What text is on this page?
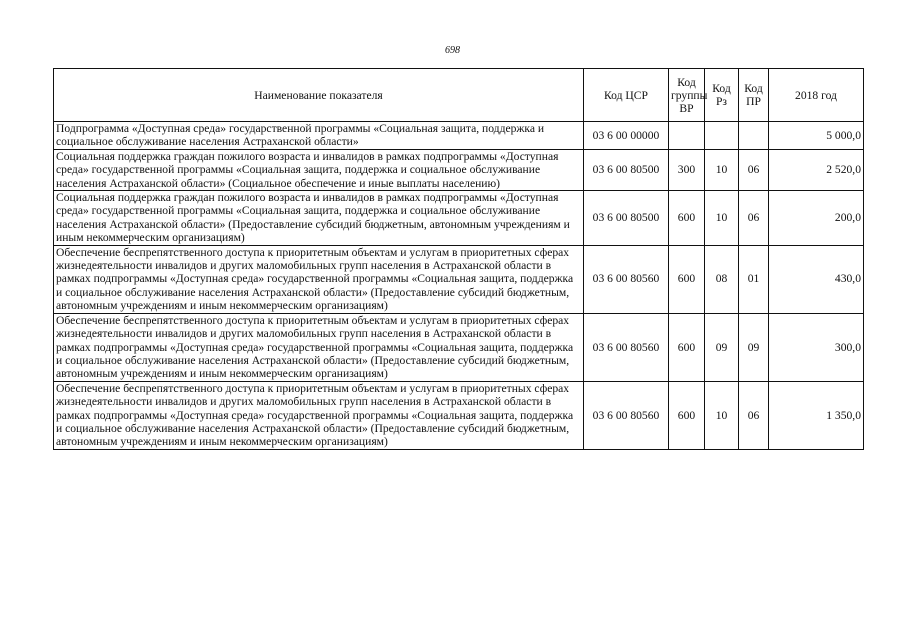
698
Наименование показателя	Код ЦСР	Код группы ВР	Код Рз	Код ПР	2018 год
Подпрограмма «Доступная среда» государственной программы «Социальная защита, поддержка и социальное обслуживание населения Астраханской области»	03 6 00 00000				5 000,0
Социальная поддержка граждан пожилого возраста и инвалидов в рамках подпрограммы «Доступная среда» государственной программы «Социальная защита, поддержка и социальное обслуживание населения Астраханской области» (Социальное обеспечение и иные выплаты населению)	03 6 00 80500	300	10	06	2 520,0
Социальная поддержка граждан пожилого возраста и инвалидов в рамках подпрограммы «Доступная среда» государственной программы «Социальная защита, поддержка и социальное обслуживание населения Астраханской области» (Предоставление субсидий бюджетным, автономным учреждениям и иным некоммерческим организациям)	03 6 00 80500	600	10	06	200,0
Обеспечение беспрепятственного доступа к приоритетным объектам и услугам в приоритетных сферах жизнедеятельности инвалидов и других маломобильных групп населения в Астраханской области в рамках подпрограммы «Доступная среда» государственной программы «Социальная защита, поддержка и социальное обслуживание населения Астраханской области» (Предоставление субсидий бюджетным, автономным учреждениям и иным некоммерческим организациям)	03 6 00 80560	600	08	01	430,0
Обеспечение беспрепятственного доступа к приоритетным объектам и услугам в приоритетных сферах жизнедеятельности инвалидов и других маломобильных групп населения в Астраханской области в рамках подпрограммы «Доступная среда» государственной программы «Социальная защита, поддержка и социальное обслуживание населения Астраханской области» (Предоставление субсидий бюджетным, автономным учреждениям и иным некоммерческим организациям)	03 6 00 80560	600	09	09	300,0
Обеспечение беспрепятственного доступа к приоритетным объектам и услугам в приоритетных сферах жизнедеятельности инвалидов и других маломобильных групп населения в Астраханской области в рамках подпрограммы «Доступная среда» государственной программы «Социальная защита, поддержка и социальное обслуживание населения Астраханской области» (Предоставление субсидий бюджетным, автономным учреждениям и иным некоммерческим организациям)	03 6 00 80560	600	10	06	1 350,0
